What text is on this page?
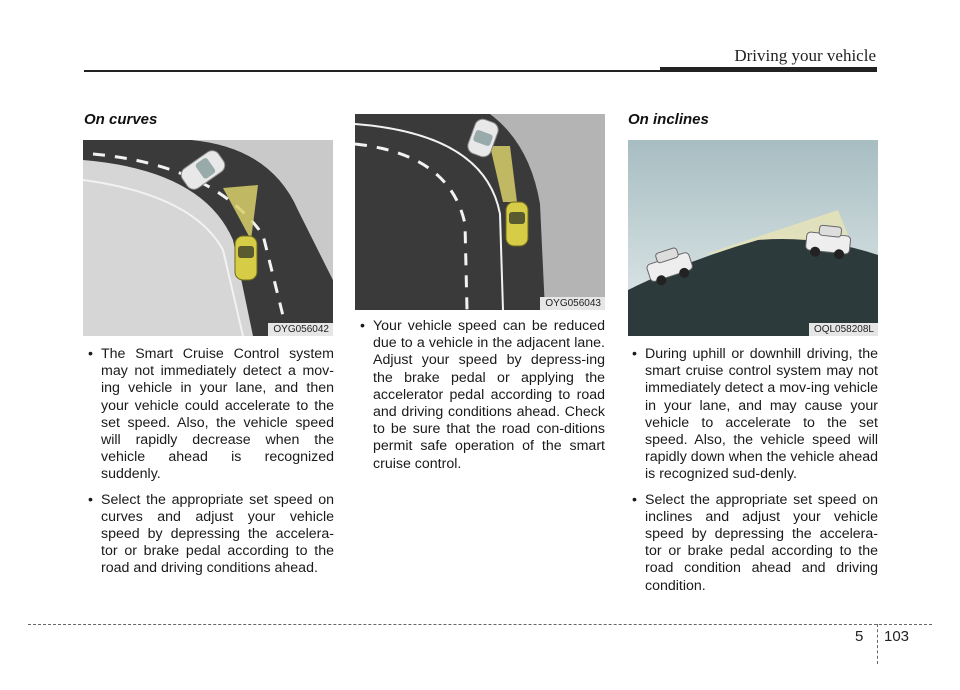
Driving your vehicle
On curves
OYG056042

• The Smart Cruise Control system may not immediately detect a mov-ing vehicle in your lane, and then your vehicle could accelerate to the set speed. Also, the vehicle speed will rapidly decrease when the vehicle ahead is recognized suddenly.

• Select the appropriate set speed on curves and adjust your vehicle speed by depressing the accelera-tor or brake pedal according to the road and driving conditions ahead.

OYG056043

• Your vehicle speed can be reduced due to a vehicle in the adjacent lane. Adjust your speed by depress-ing the brake pedal or applying the accelerator pedal according to road and driving conditions ahead. Check to be sure that the road con-ditions permit safe operation of the smart cruise control.

On inclines
OQL058208L

• During uphill or downhill driving, the smart cruise control system may not immediately detect a mov-ing vehicle in your lane, and may cause your vehicle to accelerate to the set speed. Also, the vehicle speed will rapidly down when the vehicle ahead is recognized sud-denly.

• Select the appropriate set speed on inclines and adjust your vehicle speed by depressing the accelera-tor or brake pedal according to the road condition ahead and driving condition.

5 103
